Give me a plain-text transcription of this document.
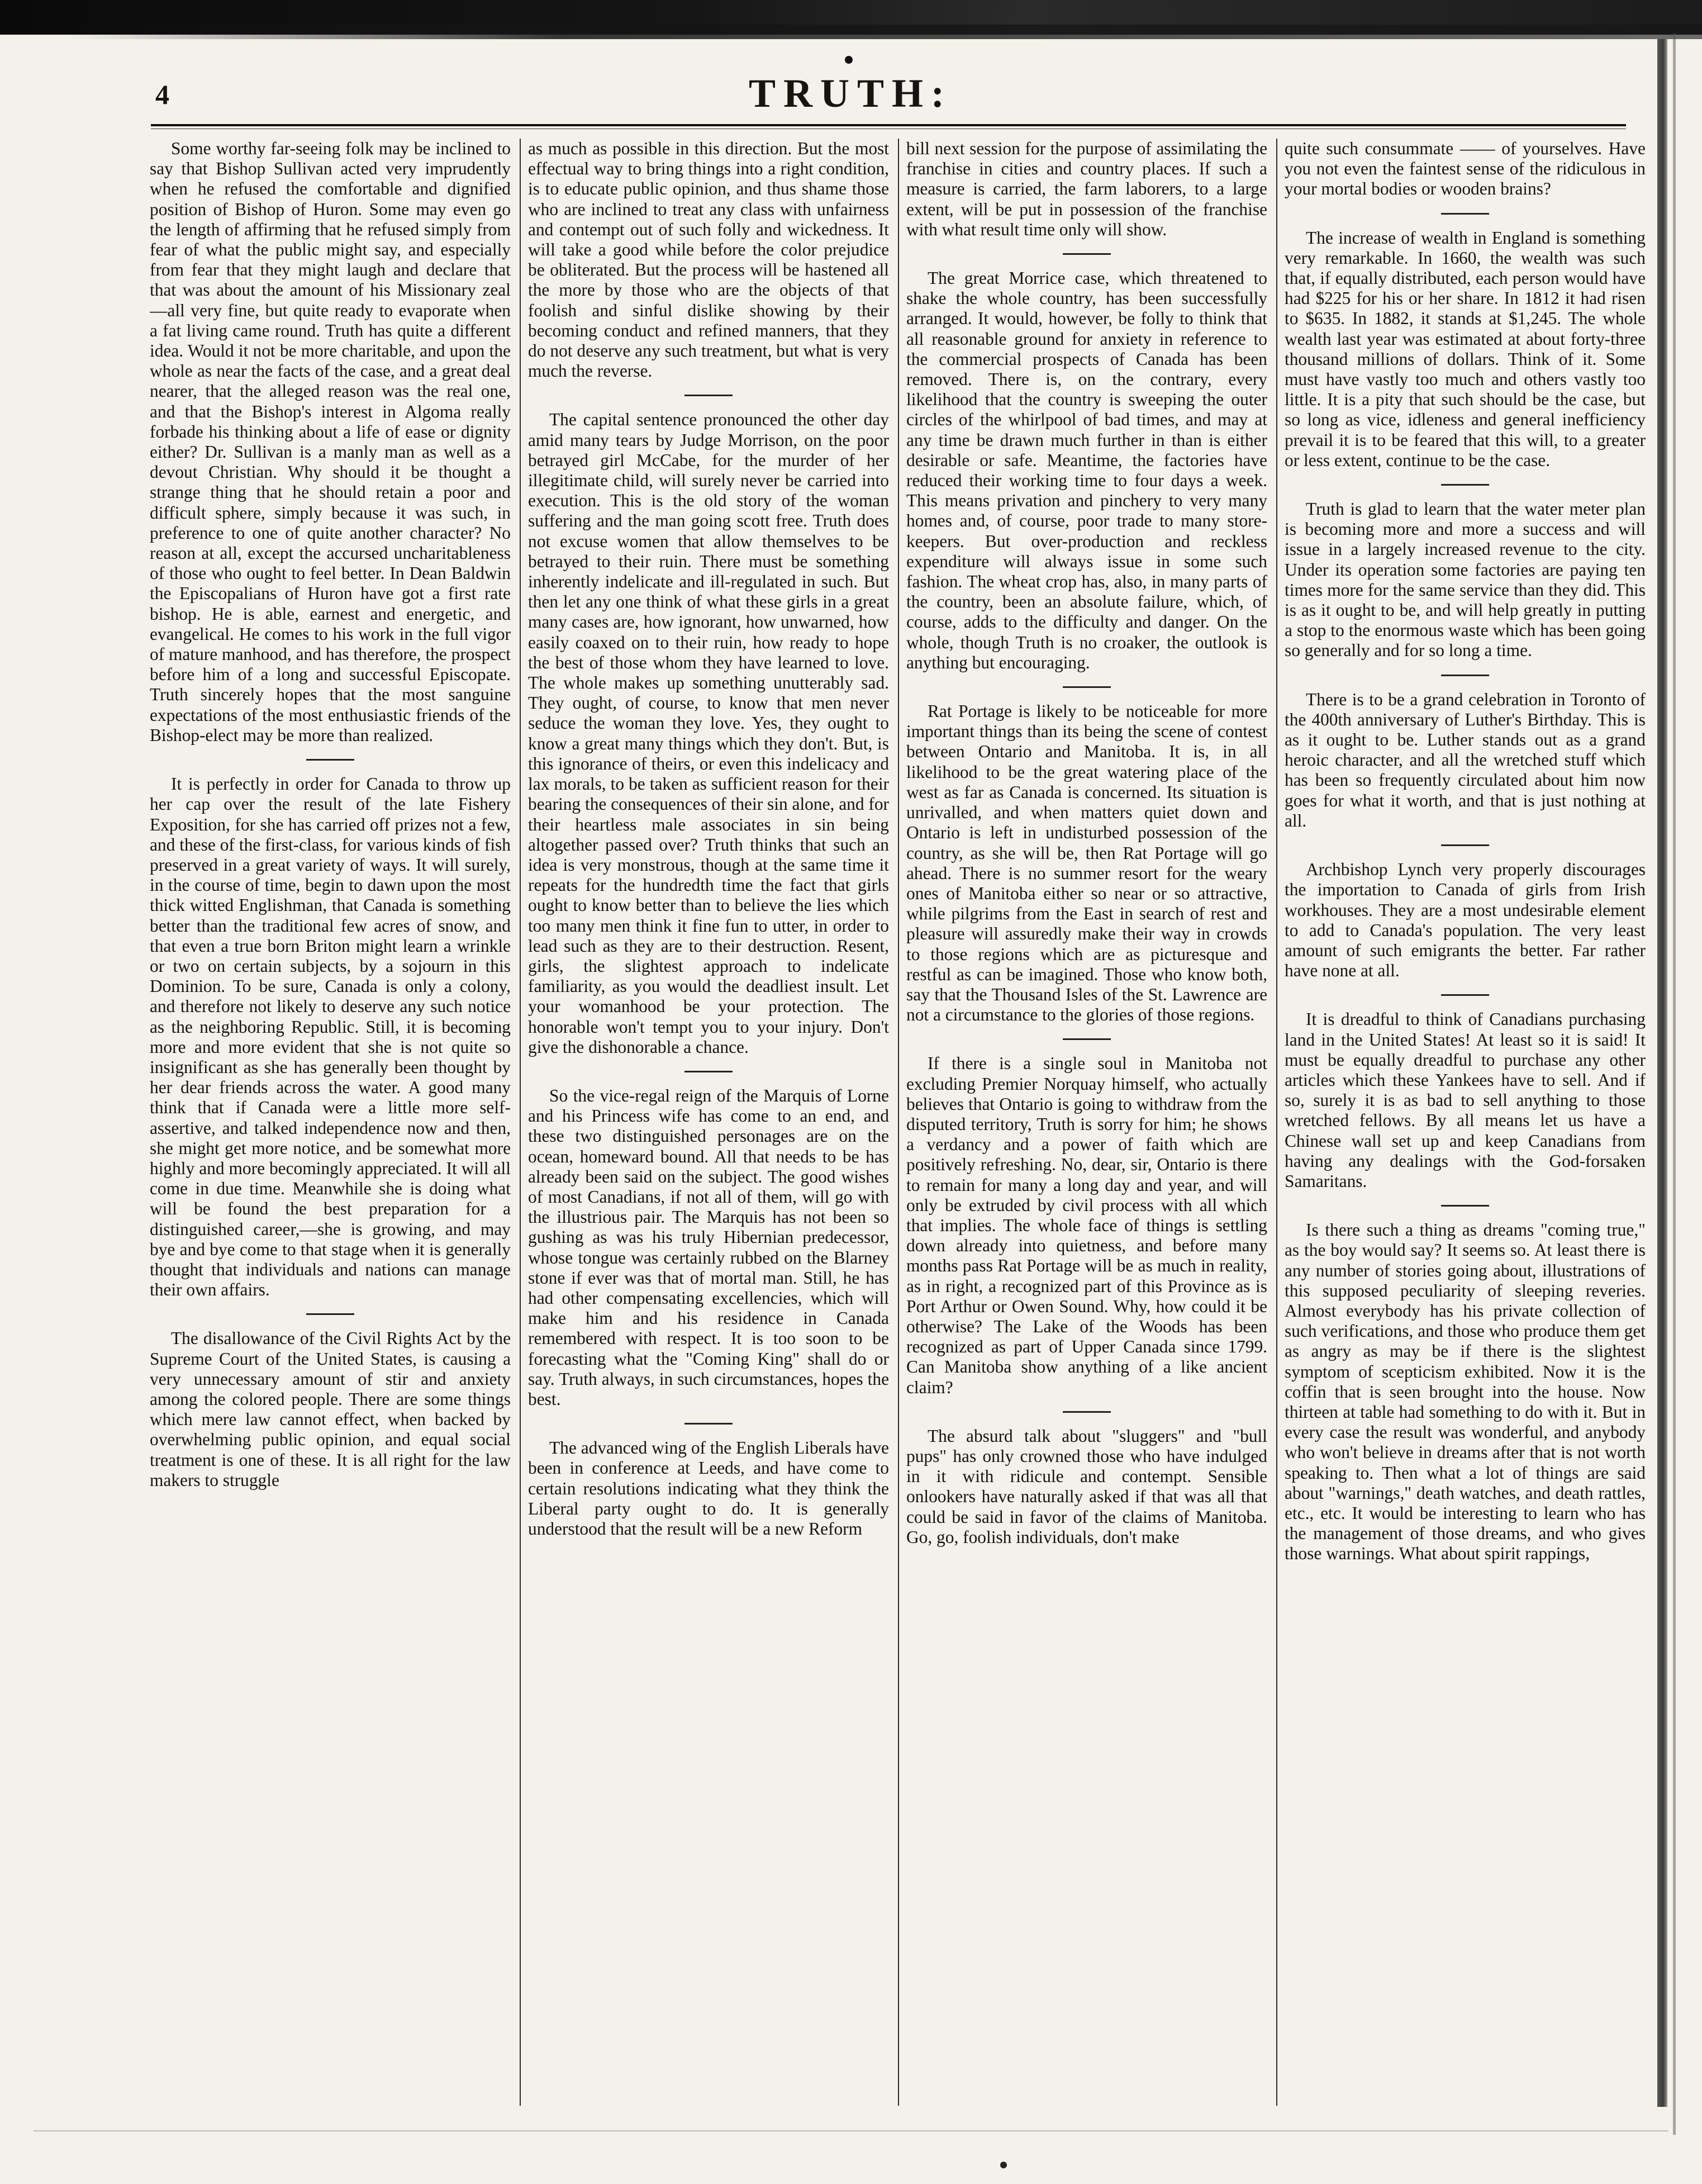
4	TRUTH:

Some worthy far-seeing folk may be inclined to say that Bishop Sullivan acted very imprudently when he refused the comfortable and dignified position of Bishop of Huron. Some may even go the length of affirming that he refused simply from fear of what the public might say, and especially from fear that they might laugh and declare that that was about the amount of his Missionary zeal—all very fine, but quite ready to evaporate when a fat living came round. Truth has quite a different idea. Would it not be more charitable, and upon the whole as near the facts of the case, and a great deal nearer, that the alleged reason was the real one, and that the Bishop's interest in Algoma really forbade his thinking about a life of ease or dignity either? Dr. Sullivan is a manly man as well as a devout Christian. Why should it be thought a strange thing that he should retain a poor and difficult sphere, simply because it was such, in preference to one of quite another character? No reason at all, except the accursed uncharitableness of those who ought to feel better. In Dean Baldwin the Episcopalians of Huron have got a first rate bishop. He is able, earnest and energetic, and evangelical. He comes to his work in the full vigor of mature manhood, and has therefore, the prospect before him of a long and successful Episcopate. Truth sincerely hopes that the most sanguine expectations of the most enthusiastic friends of the Bishop-elect may be more than realized.

It is perfectly in order for Canada to throw up her cap over the result of the late Fishery Exposition, for she has carried off prizes not a few, and these of the first-class, for various kinds of fish preserved in a great variety of ways. It will surely, in the course of time, begin to dawn upon the most thick witted Englishman, that Canada is something better than the traditional few acres of snow, and that even a true born Briton might learn a wrinkle or two on certain subjects, by a sojourn in this Dominion. To be sure, Canada is only a colony, and therefore not likely to deserve any such notice as the neighboring Republic. Still, it is becoming more and more evident that she is not quite so insignificant as she has generally been thought by her dear friends across the water. A good many think that if Canada were a little more self-assertive, and talked independence now and then, she might get more notice, and be somewhat more highly and more becomingly appreciated. It will all come in due time. Meanwhile she is doing what will be found the best preparation for a distinguished career,—she is growing, and may bye and bye come to that stage when it is generally thought that individuals and nations can manage their own affairs.

The disallowance of the Civil Rights Act by the Supreme Court of the United States, is causing a very unnecessary amount of stir and anxiety among the colored people. There are some things which mere law cannot effect, when backed by overwhelming public opinion, and equal social treatment is one of these. It is all right for the law makers to struggle

as much as possible in this direction. But the most effectual way to bring things into a right condition, is to educate public opinion, and thus shame those who are inclined to treat any class with unfairness and contempt out of such folly and wickedness. It will take a good while before the color prejudice be obliterated. But the process will be hastened all the more by those who are the objects of that foolish and sinful dislike showing by their becoming conduct and refined manners, that they do not deserve any such treatment, but what is very much the reverse.

The capital sentence pronounced the other day amid many tears by Judge Morrison, on the poor betrayed girl McCabe, for the murder of her illegitimate child, will surely never be carried into execution. This is the old story of the woman suffering and the man going scott free. Truth does not excuse women that allow themselves to be betrayed to their ruin. There must be something inherently indelicate and ill-regulated in such. But then let any one think of what these girls in a great many cases are, how ignorant, how unwarned, how easily coaxed on to their ruin, how ready to hope the best of those whom they have learned to love. The whole makes up something unutterably sad. They ought, of course, to know that men never seduce the woman they love. Yes, they ought to know a great many things which they don't. But, is this ignorance of theirs, or even this indelicacy and lax morals, to be taken as sufficient reason for their bearing the consequences of their sin alone, and for their heartless male associates in sin being altogether passed over? Truth thinks that such an idea is very monstrous, though at the same time it repeats for the hundredth time the fact that girls ought to know better than to believe the lies which too many men think it fine fun to utter, in order to lead such as they are to their destruction. Resent, girls, the slightest approach to indelicate familiarity, as you would the deadliest insult. Let your womanhood be your protection. The honorable won't tempt you to your injury. Don't give the dishonorable a chance.

So the vice-regal reign of the Marquis of Lorne and his Princess wife has come to an end, and these two distinguished personages are on the ocean, homeward bound. All that needs to be has already been said on the subject. The good wishes of most Canadians, if not all of them, will go with the illustrious pair. The Marquis has not been so gushing as was his truly Hibernian predecessor, whose tongue was certainly rubbed on the Blarney stone if ever was that of mortal man. Still, he has had other compensating excellencies, which will make him and his residence in Canada remembered with respect. It is too soon to be forecasting what the "Coming King" shall do or say. Truth always, in such circumstances, hopes the best.

The advanced wing of the English Liberals have been in conference at Leeds, and have come to certain resolutions indicating what they think the Liberal party ought to do. It is generally understood that the result will be a new Reform

bill next session for the purpose of assimilating the franchise in cities and country places. If such a measure is carried, the farm laborers, to a large extent, will be put in possession of the franchise with what result time only will show.

The great Morrice case, which threatened to shake the whole country, has been successfully arranged. It would, however, be folly to think that all reasonable ground for anxiety in reference to the commercial prospects of Canada has been removed. There is, on the contrary, every likelihood that the country is sweeping the outer circles of the whirlpool of bad times, and may at any time be drawn much further in than is either desirable or safe. Meantime, the factories have reduced their working time to four days a week. This means privation and pinchery to very many homes and, of course, poor trade to many store-keepers. But over-production and reckless expenditure will always issue in some such fashion. The wheat crop has, also, in many parts of the country, been an absolute failure, which, of course, adds to the difficulty and danger. On the whole, though Truth is no croaker, the outlook is anything but encouraging.

Rat Portage is likely to be noticeable for more important things than its being the scene of contest between Ontario and Manitoba. It is, in all likelihood to be the great watering place of the west as far as Canada is concerned. Its situation is unrivalled, and when matters quiet down and Ontario is left in undisturbed possession of the country, as she will be, then Rat Portage will go ahead. There is no summer resort for the weary ones of Manitoba either so near or so attractive, while pilgrims from the East in search of rest and pleasure will assuredly make their way in crowds to those regions which are as picturesque and restful as can be imagined. Those who know both, say that the Thousand Isles of the St. Lawrence are not a circumstance to the glories of those regions.

If there is a single soul in Manitoba not excluding Premier Norquay himself, who actually believes that Ontario is going to withdraw from the disputed territory, Truth is sorry for him; he shows a verdancy and a power of faith which are positively refreshing. No, dear, sir, Ontario is there to remain for many a long day and year, and will only be extruded by civil process with all which that implies. The whole face of things is settling down already into quietness, and before many months pass Rat Portage will be as much in reality, as in right, a recognized part of this Province as is Port Arthur or Owen Sound. Why, how could it be otherwise? The Lake of the Woods has been recognized as part of Upper Canada since 1799. Can Manitoba show anything of a like ancient claim?

The absurd talk about "sluggers" and "bull pups" has only crowned those who have indulged in it with ridicule and contempt. Sensible onlookers have naturally asked if that was all that could be said in favor of the claims of Manitoba. Go, go, foolish individuals, don't make

quite such consummate —— of yourselves. Have you not even the faintest sense of the ridiculous in your mortal bodies or wooden brains?

The increase of wealth in England is something very remarkable. In 1660, the wealth was such that, if equally distributed, each person would have had $225 for his or her share. In 1812 it had risen to $635. In 1882, it stands at $1,245. The whole wealth last year was estimated at about forty-three thousand millions of dollars. Think of it. Some must have vastly too much and others vastly too little. It is a pity that such should be the case, but so long as vice, idleness and general inefficiency prevail it is to be feared that this will, to a greater or less extent, continue to be the case.

Truth is glad to learn that the water meter plan is becoming more and more a success and will issue in a largely increased revenue to the city. Under its operation some factories are paying ten times more for the same service than they did. This is as it ought to be, and will help greatly in putting a stop to the enormous waste which has been going so generally and for so long a time.

There is to be a grand celebration in Toronto of the 400th anniversary of Luther's Birthday. This is as it ought to be. Luther stands out as a grand heroic character, and all the wretched stuff which has been so frequently circulated about him now goes for what it worth, and that is just nothing at all.

Archbishop Lynch very properly discourages the importation to Canada of girls from Irish workhouses. They are a most undesirable element to add to Canada's population. The very least amount of such emigrants the better. Far rather have none at all.

It is dreadful to think of Canadians purchasing land in the United States! At least so it is said! It must be equally dreadful to purchase any other articles which these Yankees have to sell. And if so, surely it is as bad to sell anything to those wretched fellows. By all means let us have a Chinese wall set up and keep Canadians from having any dealings with the God-forsaken Samaritans.

Is there such a thing as dreams "coming true," as the boy would say? It seems so. At least there is any number of stories going about, illustrations of this supposed peculiarity of sleeping reveries. Almost everybody has his private collection of such verifications, and those who produce them get as angry as may be if there is the slightest symptom of scepticism exhibited. Now it is the coffin that is seen brought into the house. Now thirteen at table had something to do with it. But in every case the result was wonderful, and anybody who won't believe in dreams after that is not worth speaking to. Then what a lot of things are said about "warnings," death watches, and death rattles, etc., etc. It would be interesting to learn who has the management of those dreams, and who gives those warnings. What about spirit rappings,
